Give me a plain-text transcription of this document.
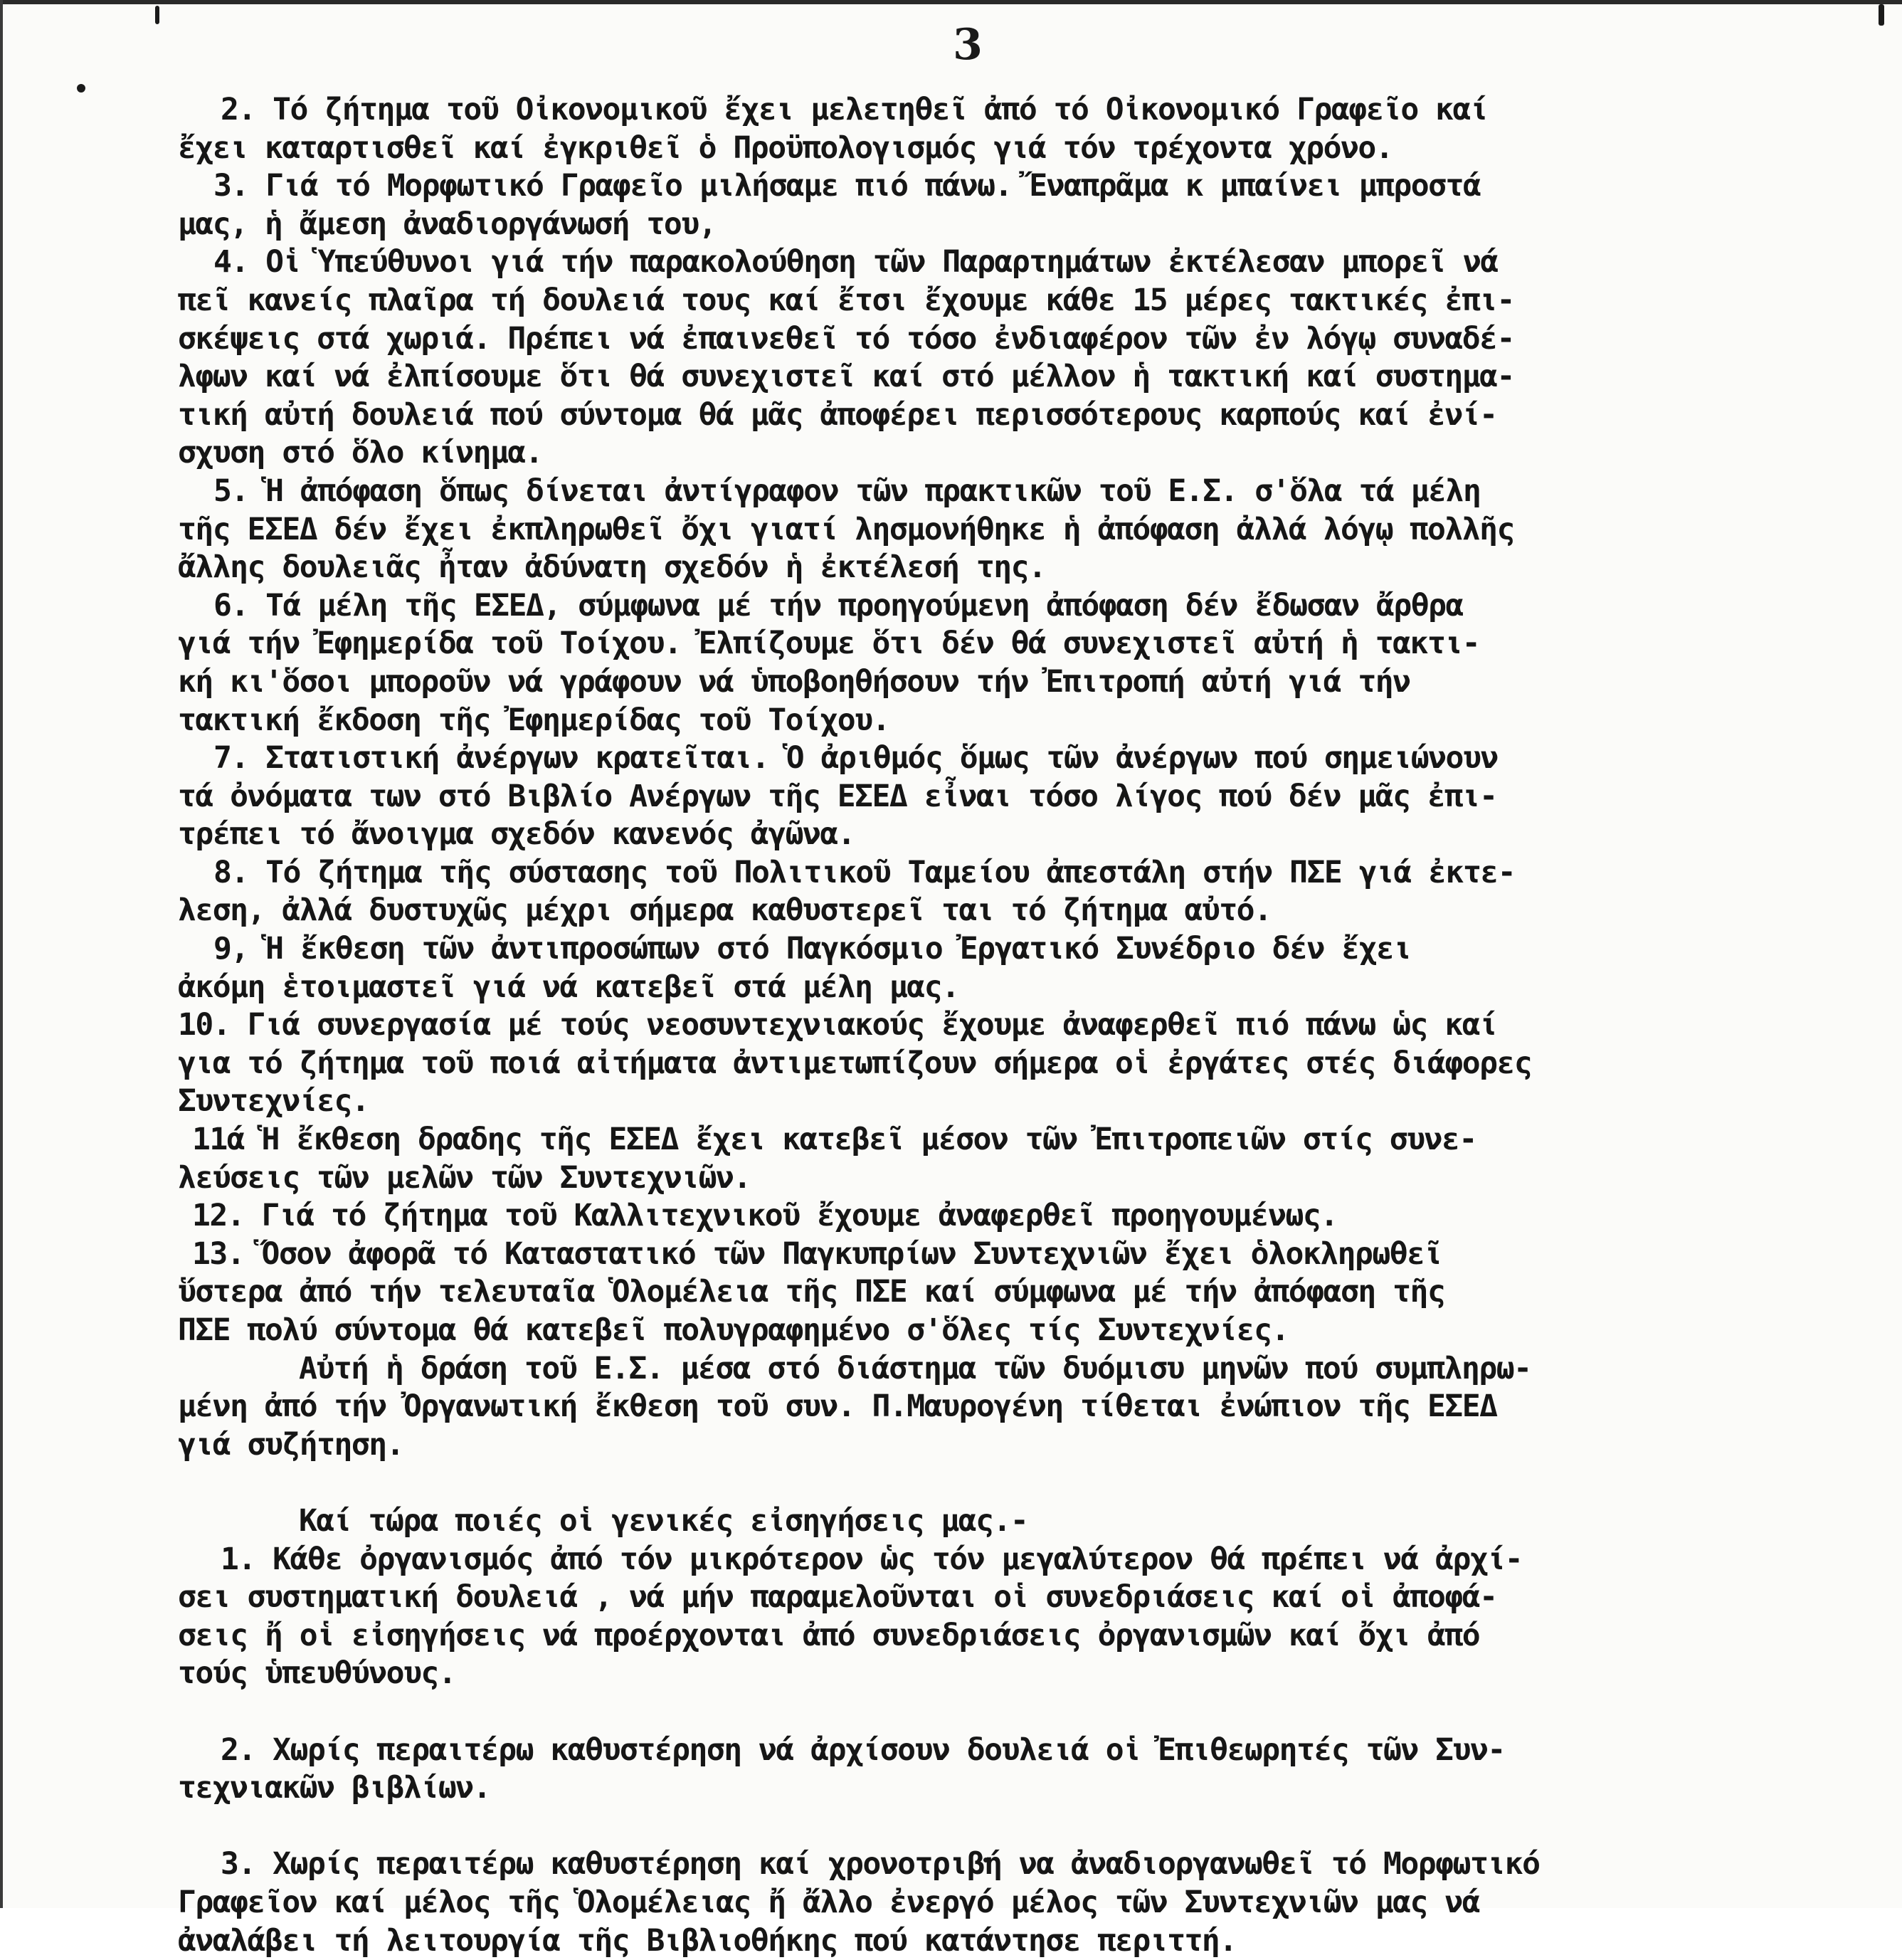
3
2. Τό ζήτημα τοῦ Οἰκονομικοῦ ἔχει μελετηθεῖ ἀπό τό Οἰκονομικό Γραφεῖο καί
ἔχει καταρτισθεῖ καί ἐγκριθεῖ ὁ Προϋπολογισμός γιά τόν τρέχοντα χρόνο.
3. Γιά τό Μορφωτικό Γραφεῖο μιλήσαμε πιό πάνω. Ἔναπρᾶμα κ μπαίνει μπροστά
μας, ἡ ἄμεση ἀναδιοργάνωσή του,
4. Οἱ Ὑπεύθυνοι γιά τήν παρακολούθηση τῶν Παραρτημάτων ἐκτέλεσαν μπορεῖ νά
πεῖ κανείς πλαῖρα τή δουλειά τους καί ἔτσι ἔχουμε κάθε 15 μέρες τακτικές ἐπι-
σκέψεις στά χωριά. Πρέπει νά ἐπαινεθεῖ τό τόσο ἐνδιαφέρον τῶν ἐν λόγῳ συναδέ-
λφων καί νά ἐλπίσουμε ὅτι θά συνεχιστεῖ καί στό μέλλον ἡ τακτική καί συστημα-
τική αὐτή δουλειά πού σύντομα θά μᾶς ἀποφέρει περισσότερους καρπούς καί ἐνί-
σχυση στό ὅλο κίνημα.
5. Ἡ ἀπόφαση ὅπως δίνεται ἀντίγραφον τῶν πρακτικῶν τοῦ Ε.Σ. σ'ὅλα τά μέλη
τῆς ΕΣΕΔ δέν ἔχει ἐκπληρωθεῖ ὄχι γιατί λησμονήθηκε ἡ ἀπόφαση ἀλλά λόγῳ πολλῆς
ἄλλης δουλειᾶς ἦταν ἀδύνατη σχεδόν ἡ ἐκτέλεσή της.
6. Τά μέλη τῆς ΕΣΕΔ, σύμφωνα μέ τήν προηγούμενη ἀπόφαση δέν ἔδωσαν ἄρθρα
γιά τήν Ἐφημερίδα τοῦ Τοίχου. Ἐλπίζουμε ὅτι δέν θά συνεχιστεῖ αὐτή ἡ τακτι-
κή κι'ὅσοι μποροῦν νά γράφουν νά ὑποβοηθήσουν τήν Ἐπιτροπή αὐτή γιά τήν
τακτική ἔκδοση τῆς Ἐφημερίδας τοῦ Τοίχου.
7. Στατιστική ἀνέργων κρατεῖται. Ὁ ἀριθμός ὅμως τῶν ἀνέργων πού σημειώνουν
τά ὀνόματα των στό Βιβλίο Ανέργων τῆς ΕΣΕΔ εἶναι τόσο λίγος πού δέν μᾶς ἐπι-
τρέπει τό ἄνοιγμα σχεδόν κανενός ἀγῶνα.
8. Τό ζήτημα τῆς σύστασης τοῦ Πολιτικοῦ Ταμείου ἀπεστάλη στήν ΠΣΕ γιά ἐκτε-
λεση, ἀλλά δυστυχῶς μέχρι σήμερα καθυστερεῖ ται τό ζήτημα αὐτό.
9, Ἡ ἔκθεση τῶν ἀντιπροσώπων στό Παγκόσμιο Ἐργατικό Συνέδριο δέν ἔχει
ἀκόμη ἑτοιμαστεῖ γιά νά κατεβεῖ στά μέλη μας.
10. Γιά συνεργασία μέ τούς νεοσυντεχνιακούς ἔχουμε ἀναφερθεῖ πιό πάνω ὡς καί
για τό ζήτημα τοῦ ποιά αἰτήματα ἀντιμετωπίζουν σήμερα οἱ ἐργάτες στές διάφορες
Συντεχνίες.
11ά Ἡ ἔκθεση δραδης τῆς ΕΣΕΔ ἔχει κατεβεῖ μέσον τῶν Ἐπιτροπειῶν στίς συνε-
λεύσεις τῶν μελῶν τῶν Συντεχνιῶν.
12. Γιά τό ζήτημα τοῦ Καλλιτεχνικοῦ ἔχουμε ἀναφερθεῖ προηγουμένως.
13. Ὅσον ἀφορᾶ τό Καταστατικό τῶν Παγκυπρίων Συντεχνιῶν ἔχει ὁλοκληρωθεῖ
ὕστερα ἀπό τήν τελευταῖα Ὁλομέλεια τῆς ΠΣΕ καί σύμφωνα μέ τήν ἀπόφαση τῆς
ΠΣΕ πολύ σύντομα θά κατεβεῖ πολυγραφημένο σ'ὅλες τίς Συντεχνίες.
Αὐτή ἡ δράση τοῦ Ε.Σ. μέσα στό διάστημα τῶν δυόμισυ μηνῶν πού συμπληρω-
μένη ἀπό τήν Ὀργανωτική ἔκθεση τοῦ συν. Π.Μαυρογένη τίθεται ἐνώπιον τῆς ΕΣΕΔ
γιά συζήτηση.
Καί τώρα ποιές οἱ γενικές εἰσηγήσεις μας.-
1. Κάθε ὀργανισμός ἀπό τόν μικρότερον ὡς τόν μεγαλύτερον θά πρέπει νά ἀρχί-
σει συστηματική δουλειά , νά μήν παραμελοῦνται οἱ συνεδριάσεις καί οἱ ἀποφά-
σεις ἤ οἱ εἰσηγήσεις νά προέρχονται ἀπό συνεδριάσεις ὀργανισμῶν καί ὄχι ἀπό
τούς ὑπευθύνους.
2. Χωρίς περαιτέρω καθυστέρηση νά ἀρχίσουν δουλειά οἱ Ἐπιθεωρητές τῶν Συν-
τεχνιακῶν βιβλίων.
3. Χωρίς περαιτέρω καθυστέρηση καί χρονοτριβή να ἀναδιοργανωθεῖ τό Μορφωτικό
Γραφεῖον καί μέλος τῆς Ὁλομέλειας ἤ ἄλλο ἐνεργό μέλος τῶν Συντεχνιῶν μας νά
ἀναλάβει τή λειτουργία τῆς Βιβλιοθήκης πού κατάντησε περιττή.
